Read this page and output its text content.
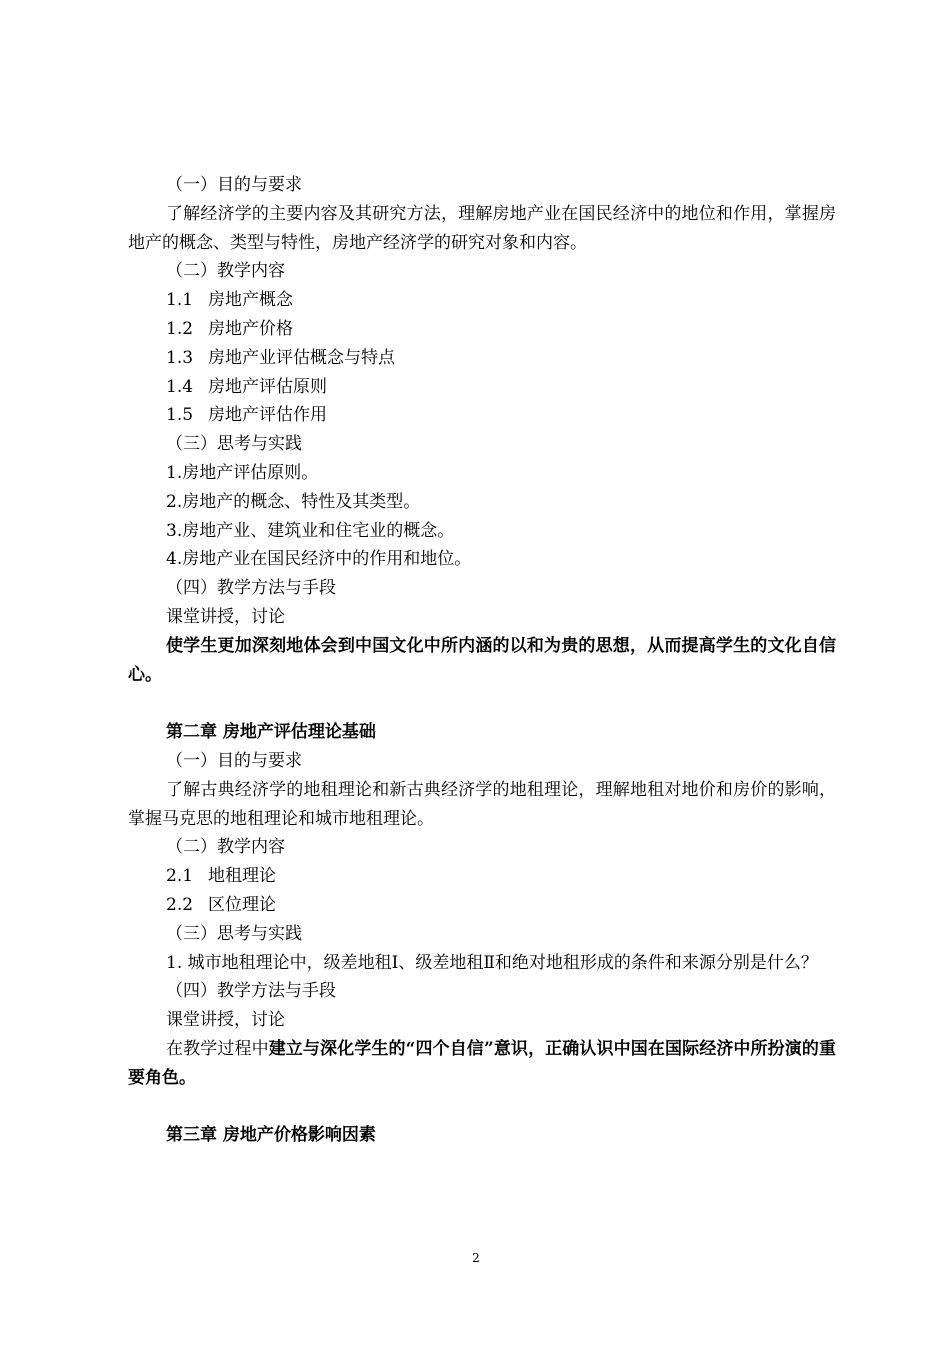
（一）目的与要求

了解经济学的主要内容及其研究方法，理解房地产业在国民经济中的地位和作用，掌握房地产的概念、类型与特性，房地产经济学的研究对象和内容。

（二）教学内容

1.1 房地产概念

1.2 房地产价格

1.3 房地产业评估概念与特点

1.4 房地产评估原则

1.5 房地产评估作用

（三）思考与实践

1.房地产评估原则。

2.房地产的概念、特性及其类型。

3.房地产业、建筑业和住宅业的概念。

4.房地产业在国民经济中的作用和地位。

（四）教学方法与手段

课堂讲授，讨论

使学生更加深刻地体会到中国文化中所内涵的以和为贵的思想，从而提高学生的文化自信心。

第二章 房地产评估理论基础

（一）目的与要求

了解古典经济学的地租理论和新古典经济学的地租理论，理解地租对地价和房价的影响，掌握马克思的地租理论和城市地租理论。

（二）教学内容

2.1 地租理论

2.2 区位理论

（三）思考与实践

1. 城市地租理论中，级差地租Ⅰ、级差地租Ⅱ和绝对地租形成的条件和来源分别是什么？

（四）教学方法与手段

课堂讲授，讨论

在教学过程中建立与深化学生的“四个自信”意识，正确认识中国在国际经济中所扮演的重要角色。

第三章 房地产价格影响因素

2
